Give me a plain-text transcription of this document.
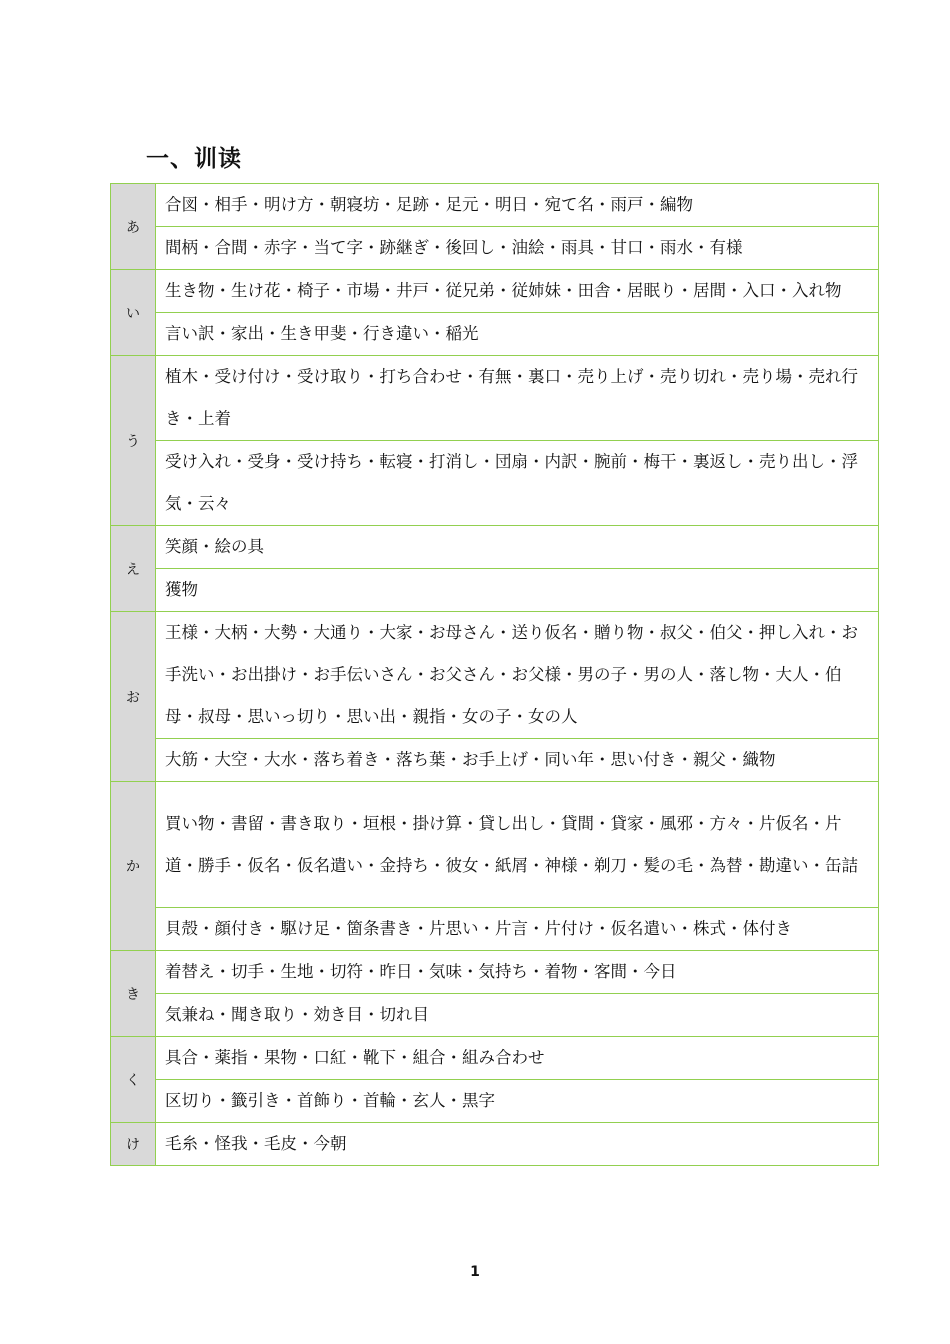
一、训读
あ	合図・相手・明け方・朝寝坊・足跡・足元・明日・宛て名・雨戸・編物
	間柄・合間・赤字・当て字・跡継ぎ・後回し・油絵・雨具・甘口・雨水・有様
い	生き物・生け花・椅子・市場・井戸・従兄弟・従姉妹・田舎・居眠り・居間・入口・入れ物
	言い訳・家出・生き甲斐・行き違い・稲光
う	植木・受け付け・受け取り・打ち合わせ・有無・裏口・売り上げ・売り切れ・売り場・売れ行き・上着
	受け入れ・受身・受け持ち・転寝・打消し・団扇・内訳・腕前・梅干・裏返し・売り出し・浮気・云々
え	笑顔・絵の具
	獲物
お	王様・大柄・大勢・大通り・大家・お母さん・送り仮名・贈り物・叔父・伯父・押し入れ・お手洗い・お出掛け・お手伝いさん・お父さん・お父様・男の子・男の人・落し物・大人・伯母・叔母・思いっ切り・思い出・親指・女の子・女の人
	大筋・大空・大水・落ち着き・落ち葉・お手上げ・同い年・思い付き・親父・織物
か	買い物・書留・書き取り・垣根・掛け算・貸し出し・貸間・貸家・風邪・方々・片仮名・片道・勝手・仮名・仮名遣い・金持ち・彼女・紙屑・神様・剃刀・髪の毛・為替・勘違い・缶詰
	貝殻・顔付き・駆け足・箇条書き・片思い・片言・片付け・仮名遣い・株式・体付き
き	着替え・切手・生地・切符・昨日・気味・気持ち・着物・客間・今日
	気兼ね・聞き取り・効き目・切れ目
く	具合・薬指・果物・口紅・靴下・組合・組み合わせ
	区切り・籤引き・首飾り・首輪・玄人・黒字
け	毛糸・怪我・毛皮・今朝
1
